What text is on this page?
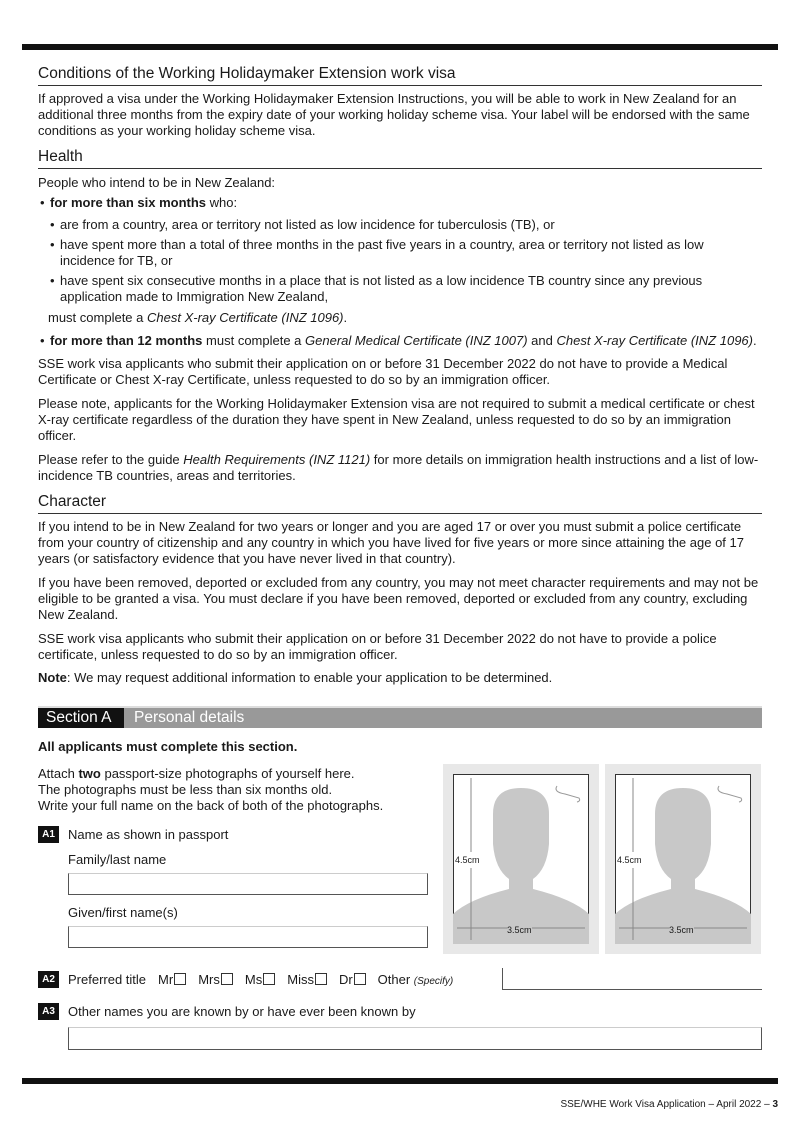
Conditions of the Working Holidaymaker Extension work visa
If approved a visa under the Working Holidaymaker Extension Instructions, you will be able to work in New Zealand for an additional three months from the expiry date of your working holiday scheme visa. Your label will be endorsed with the same conditions as your working holiday scheme visa.
Health
People who intend to be in New Zealand:
• for more than six months who:
• are from a country, area or territory not listed as low incidence for tuberculosis (TB), or
• have spent more than a total of three months in the past five years in a country, area or territory not listed as low incidence for TB, or
• have spent six consecutive months in a place that is not listed as a low incidence TB country since any previous application made to Immigration New Zealand,
must complete a Chest X-ray Certificate (INZ 1096).
• for more than 12 months must complete a General Medical Certificate (INZ 1007) and Chest X-ray Certificate (INZ 1096).
SSE work visa applicants who submit their application on or before 31 December 2022 do not have to provide a Medical Certificate or Chest X-ray Certificate, unless requested to do so by an immigration officer.
Please note, applicants for the Working Holidaymaker Extension visa are not required to submit a medical certificate or chest X-ray certificate regardless of the duration they have spent in New Zealand, unless requested to do so by an immigration officer.
Please refer to the guide Health Requirements (INZ 1121) for more details on immigration health instructions and a list of low-incidence TB countries, areas and territories.
Character
If you intend to be in New Zealand for two years or longer and you are aged 17 or over you must submit a police certificate from your country of citizenship and any country in which you have lived for five years or more since attaining the age of 17 years (or satisfactory evidence that you have never lived in that country).
If you have been removed, deported or excluded from any country, you may not meet character requirements and may not be eligible to be granted a visa. You must declare if you have been removed, deported or excluded from any country, excluding New Zealand.
SSE work visa applicants who submit their application on or before 31 December 2022 do not have to provide a police certificate, unless requested to do so by an immigration officer.
Note: We may request additional information to enable your application to be determined.
Section A	Personal details
All applicants must complete this section.
Attach two passport-size photographs of yourself here.
The photographs must be less than six months old.
Write your full name on the back of both of the photographs.
4.5cm
3.5cm
4.5cm
3.5cm
A1	Name as shown in passport
Family/last name
Given/first name(s)
A2	Preferred title Mr Mrs Ms Miss Dr Other (Specify)
A3	Other names you are known by or have ever been known by
SSE/WHE Work Visa Application – April 2022 – 3
